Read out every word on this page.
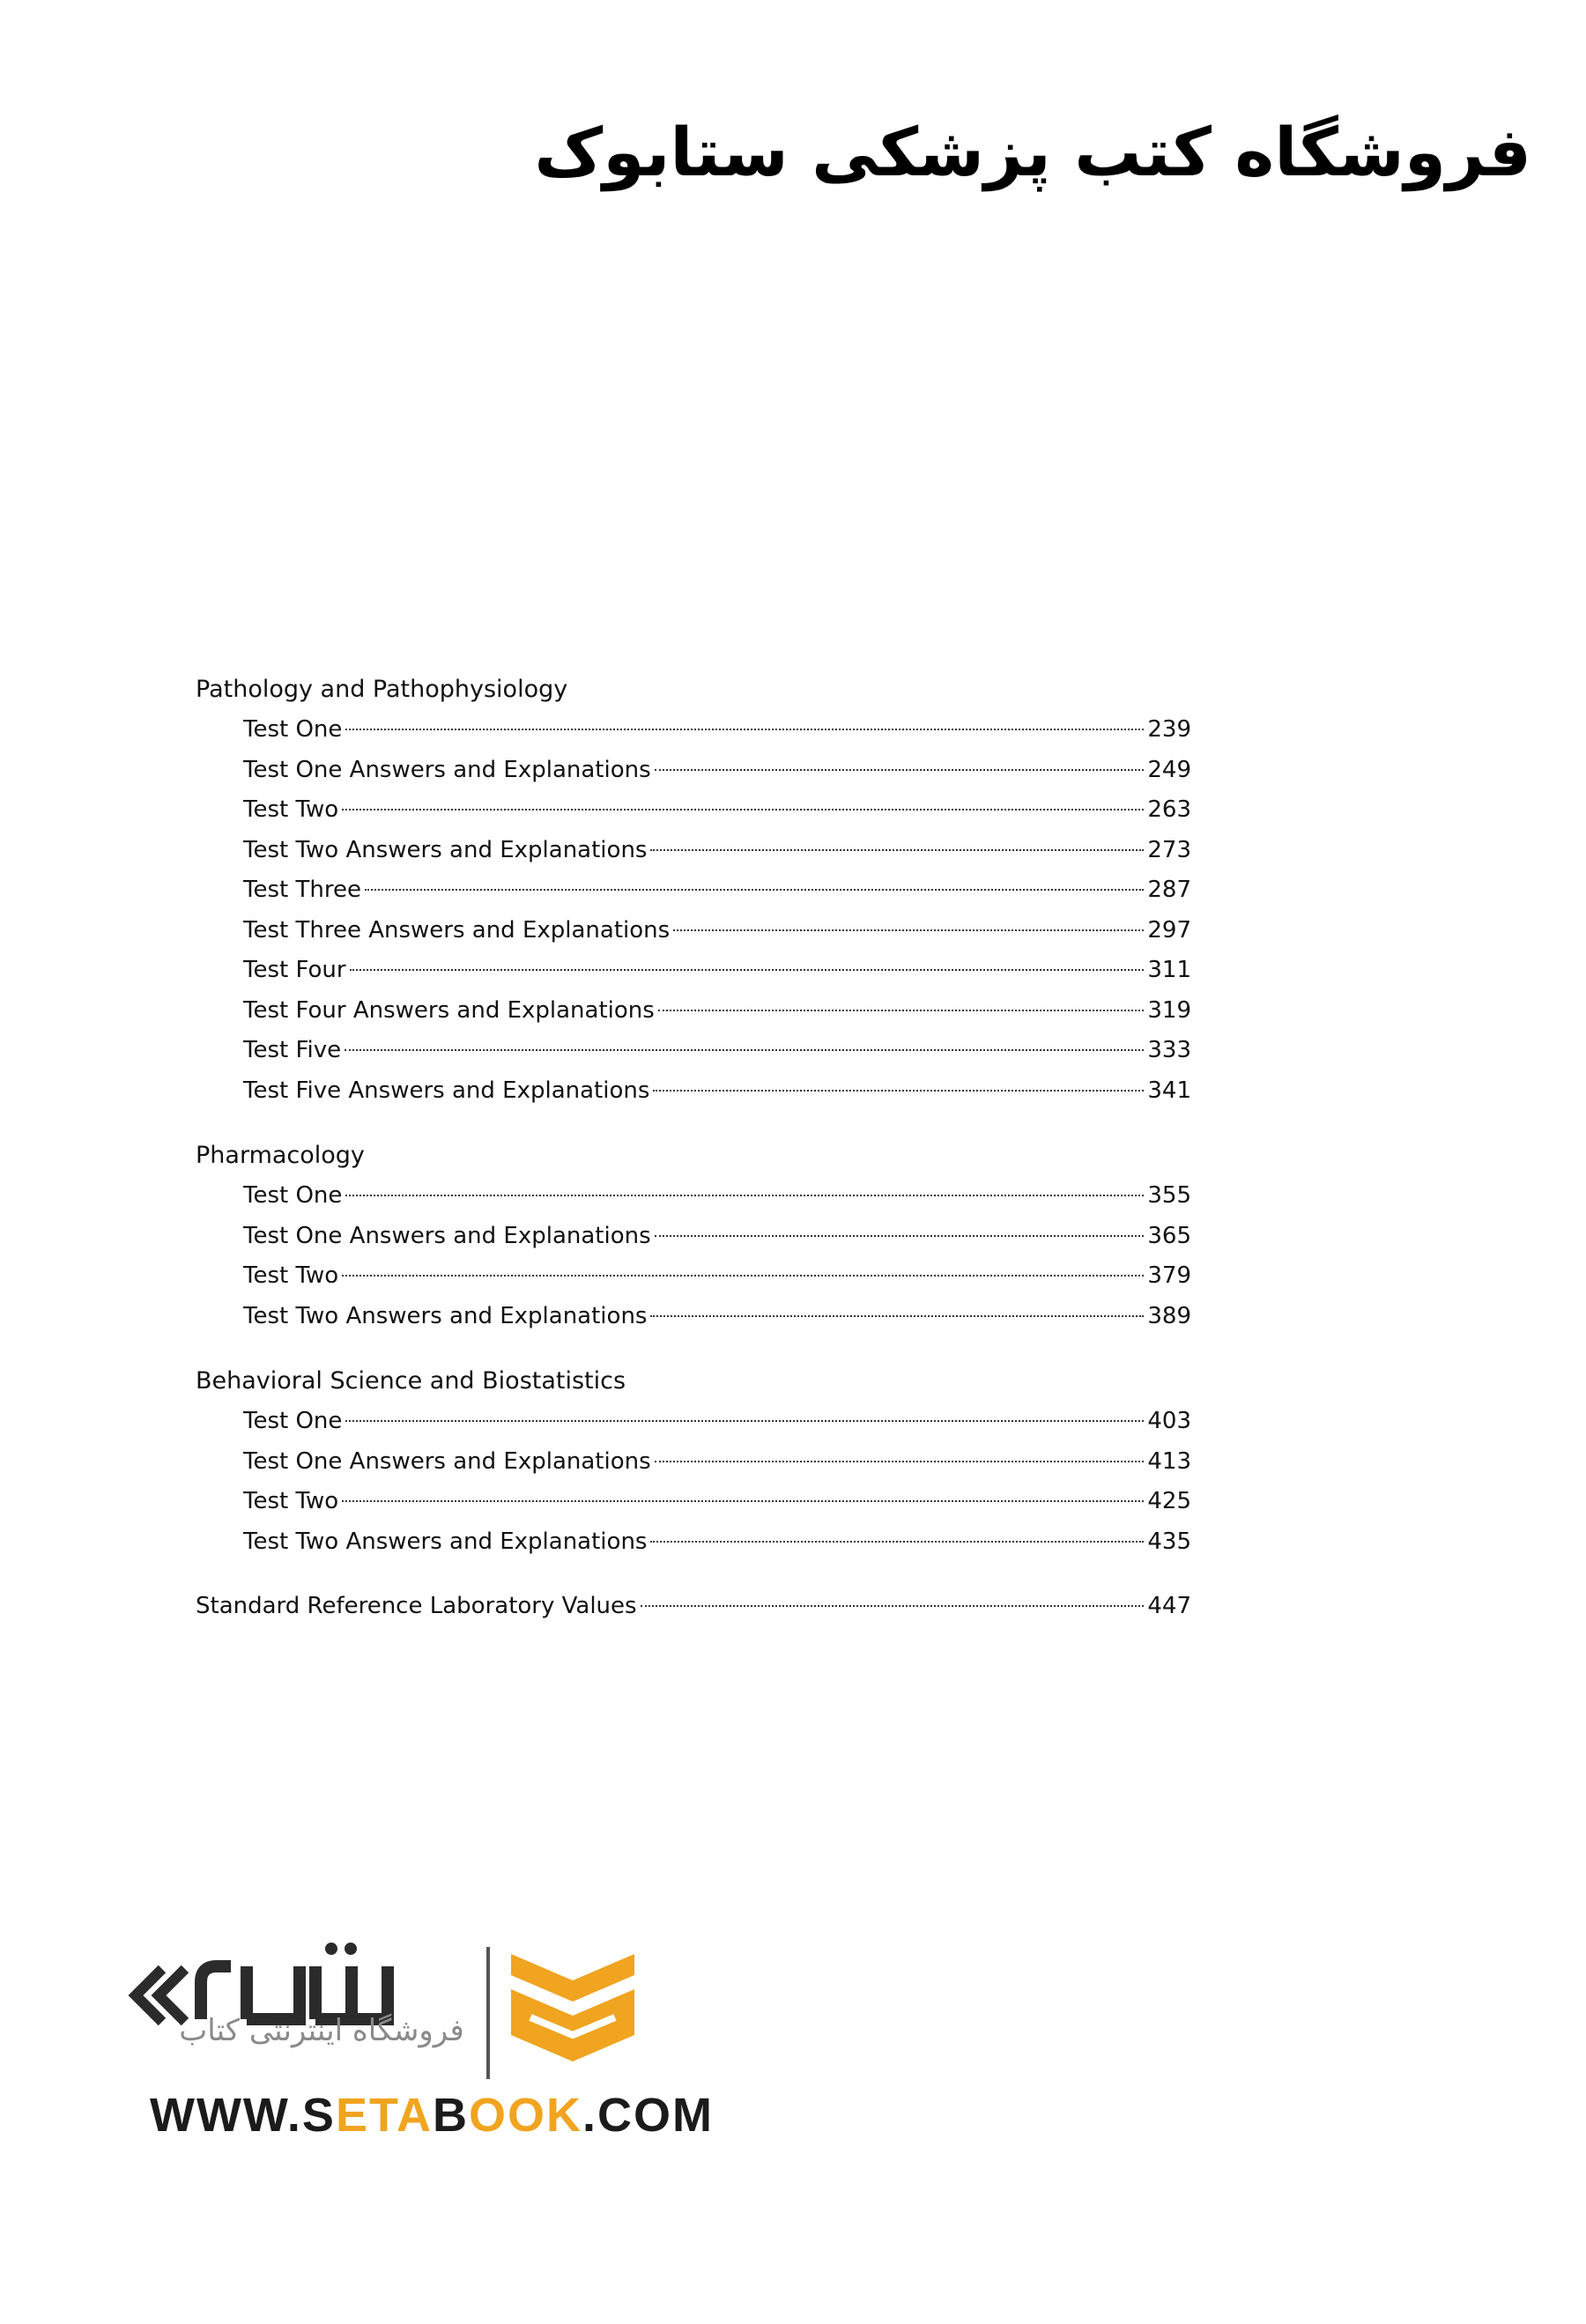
فروشگاه کتب پزشکی ستابوک
Pathology and Pathophysiology
Test One	239
Test One Answers and Explanations	249
Test Two	263
Test Two Answers and Explanations	273
Test Three	287
Test Three Answers and Explanations	297
Test Four	311
Test Four Answers and Explanations	319
Test Five	333
Test Five Answers and Explanations	341
Pharmacology
Test One	355
Test One Answers and Explanations	365
Test Two	379
Test Two Answers and Explanations	389
Behavioral Science and Biostatistics
Test One	403
Test One Answers and Explanations	413
Test Two	425
Test Two Answers and Explanations	435
Standard Reference Laboratory Values	447
فروشگاه اینترنتی کتاب
WWW.SETABOOK.COM
